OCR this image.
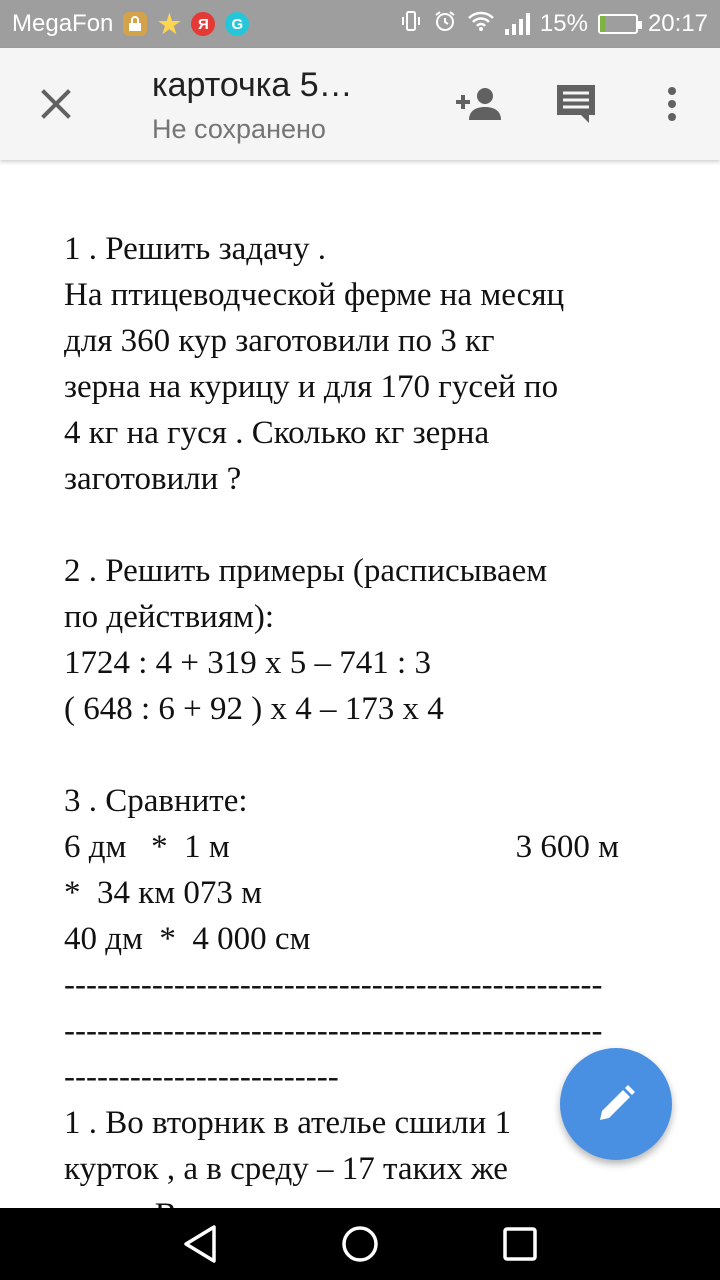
MegaFon ★	Я	G	15%	20:17
карточка 5…
Не сохранено
1 . Решить задачу .
На птицеводческой ферме на месяц
для 360 кур заготовили по 3 кг
зерна на курицу и для 170 гусей по
4 кг на гуся . Сколько кг зерна
заготовили ?
2 . Решить примеры (расписываем
по действиям):
1724 : 4 + 319 x 5 – 741 : 3
( 648 : 6 + 92 ) x 4 – 173 x 4
3 . Сравните:
6 дм   *  1 м	3 600 м
*  34 км 073 м
40 дм  *  4 000 см
-------------------------------------------------
-------------------------------------------------
-------------------------
1 . Во вторник в ателье сшили 1
курток , а в среду – 17 таких же
